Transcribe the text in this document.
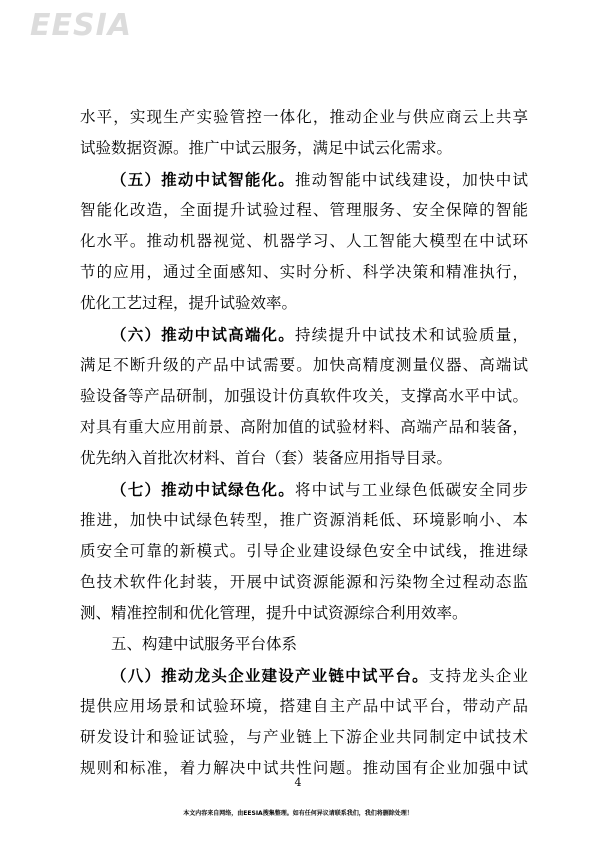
EESIA
水平，实现生产实验管控一体化，推动企业与供应商云上共享
试验数据资源。推广中试云服务，满足中试云化需求。
（五）推动中试智能化。推动智能中试线建设，加快中试
智能化改造，全面提升试验过程、管理服务、安全保障的智能
化水平。推动机器视觉、机器学习、人工智能大模型在中试环
节的应用，通过全面感知、实时分析、科学决策和精准执行，
优化工艺过程，提升试验效率。
（六）推动中试高端化。持续提升中试技术和试验质量，
满足不断升级的产品中试需要。加快高精度测量仪器、高端试
验设备等产品研制，加强设计仿真软件攻关，支撑高水平中试。
对具有重大应用前景、高附加值的试验材料、高端产品和装备，
优先纳入首批次材料、首台（套）装备应用指导目录。
（七）推动中试绿色化。将中试与工业绿色低碳安全同步
推进，加快中试绿色转型，推广资源消耗低、环境影响小、本
质安全可靠的新模式。引导企业建设绿色安全中试线，推进绿
色技术软件化封装，开展中试资源能源和污染物全过程动态监
测、精准控制和优化管理，提升中试资源综合利用效率。
五、构建中试服务平台体系
（八）推动龙头企业建设产业链中试平台。支持龙头企业
提供应用场景和试验环境，搭建自主产品中试平台，带动产品
研发设计和验证试验，与产业链上下游企业共同制定中试技术
规则和标准，着力解决中试共性问题。推动国有企业加强中试
4
本文内容来自网络，由EESIA搜集整理。如有任何异议请联系我们，我们将删除处理！
